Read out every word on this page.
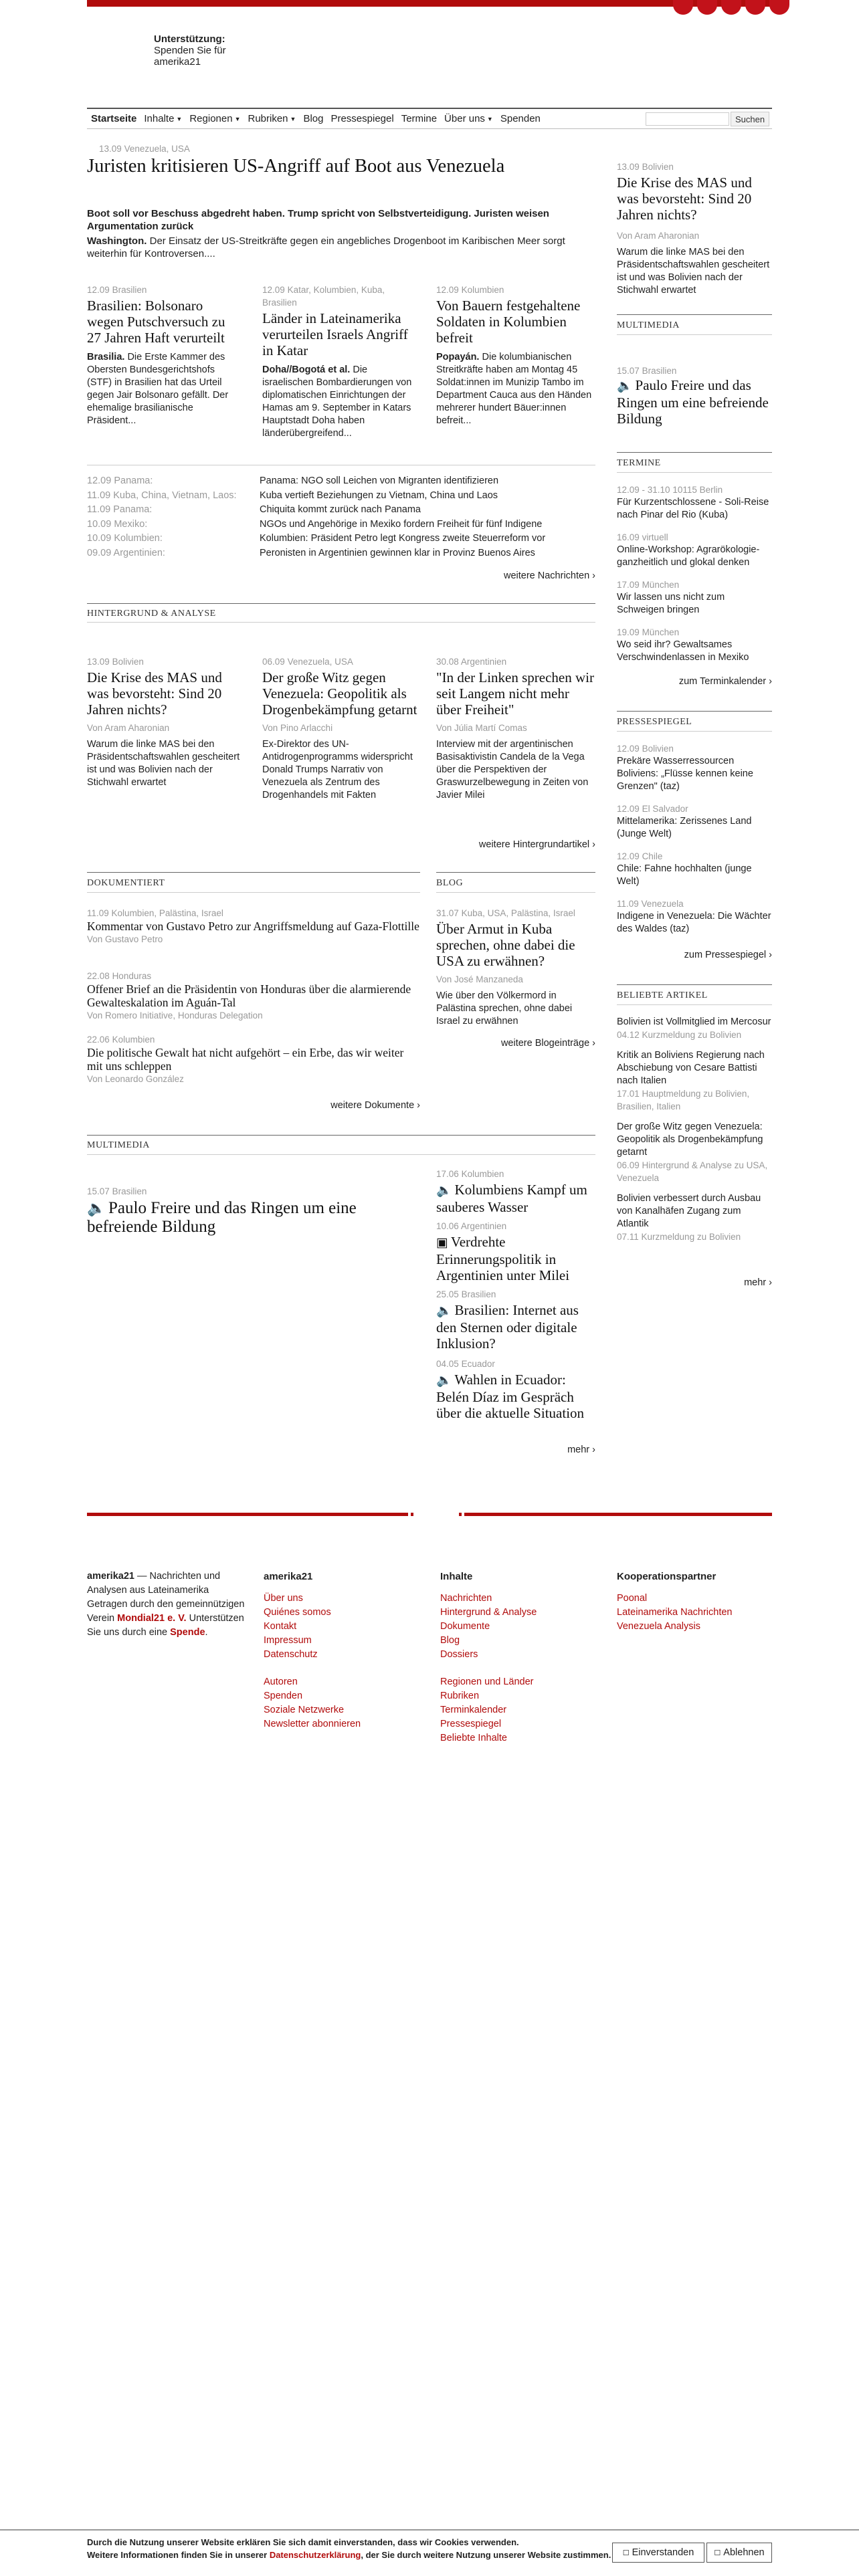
Unterstützung:
Spenden Sie für
amerika21
Startseite Inhalte ▼ Regionen ▼ Rubriken ▼ Blog Pressespiegel Termine Über uns ▼ Spenden	Suchen
13.09 Venezuela, USA
Juristen kritisieren US-Angriff auf Boot aus Venezuela
Boot soll vor Beschuss abgedreht haben. Trump spricht von Selbstverteidigung. Juristen weisen Argumentation zurück
Washington. Der Einsatz der US-Streitkräfte gegen ein angebliches Drogenboot im Karibischen Meer sorgt weiterhin für Kontroversen....
12.09 Brasilien
Brasilien: Bolsonaro wegen Putschversuch zu 27 Jahren Haft verurteilt
Brasilia. Die Erste Kammer des Obersten Bundesgerichtshofs (STF) in Brasilien hat das Urteil gegen Jair Bolsonaro gefällt. Der ehemalige brasilianische Präsident...
12.09 Katar, Kolumbien, Kuba, Brasilien
Länder in Lateinamerika verurteilen Israels Angriff in Katar
Doha//Bogotá et al. Die israelischen Bombardierungen von diplomatischen Einrichtungen der Hamas am 9. September in Katars Hauptstadt Doha haben länderübergreifend...
12.09 Kolumbien
Von Bauern festgehaltene Soldaten in Kolumbien befreit
Popayán. Die kolumbianischen Streitkräfte haben am Montag 45 Soldat:innen im Munizip Tambo im Department Cauca aus den Händen mehrerer hundert Bäuer:innen befreit...
12.09 Panama:	Panama: NGO soll Leichen von Migranten identifizieren
11.09 Kuba, China, Vietnam, Laos:	Kuba vertieft Beziehungen zu Vietnam, China und Laos
11.09 Panama:	Chiquita kommt zurück nach Panama
10.09 Mexiko:	NGOs und Angehörige in Mexiko fordern Freiheit für fünf Indigene
10.09 Kolumbien:	Kolumbien: Präsident Petro legt Kongress zweite Steuerreform vor
09.09 Argentinien:	Peronisten in Argentinien gewinnen klar in Provinz Buenos Aires
weitere Nachrichten ›
HINTERGRUND & ANALYSE
13.09 Bolivien
Die Krise des MAS und was bevorsteht: Sind 20 Jahren nichts?
Von Aram Aharonian
Warum die linke MAS bei den Präsidentschaftswahlen gescheitert ist und was Bolivien nach der Stichwahl erwartet
06.09 Venezuela, USA
Der große Witz gegen Venezuela: Geopolitik als Drogenbekämpfung getarnt
Von Pino Arlacchi
Ex-Direktor des UN-Antidrogenprogramms widerspricht Donald Trumps Narrativ von Venezuela als Zentrum des Drogenhandels mit Fakten
30.08 Argentinien
"In der Linken sprechen wir seit Langem nicht mehr über Freiheit"
Von Júlia Martí Comas
Interview mit der argentinischen Basisaktivistin Candela de la Vega über die Perspektiven der Graswurzelbewegung in Zeiten von Javier Milei
weitere Hintergrundartikel ›
DOKUMENTIERT
11.09 Kolumbien, Palästina, Israel
Kommentar von Gustavo Petro zur Angriffsmeldung auf Gaza-Flottille
Von Gustavo Petro
22.08 Honduras
Offener Brief an die Präsidentin von Honduras über die alarmierende Gewalteskalation im Aguán-Tal
Von Romero Initiative, Honduras Delegation
22.06 Kolumbien
Die politische Gewalt hat nicht aufgehört – ein Erbe, das wir weiter mit uns schleppen
Von Leonardo González
weitere Dokumente ›
BLOG
31.07 Kuba, USA, Palästina, Israel
Über Armut in Kuba sprechen, ohne dabei die USA zu erwähnen?
Von José Manzaneda
Wie über den Völkermord in Palästina sprechen, ohne dabei Israel zu erwähnen
weitere Blogeinträge ›
MULTIMEDIA
15.07 Brasilien
🔈 Paulo Freire und das Ringen um eine befreiende Bildung
17.06 Kolumbien
🔈 Kolumbiens Kampf um sauberes Wasser
10.06 Argentinien
▣ Verdrehte Erinnerungspolitik in Argentinien unter Milei
25.05 Brasilien
🔈 Brasilien: Internet aus den Sternen oder digitale Inklusion?
04.05 Ecuador
🔈 Wahlen in Ecuador: Belén Díaz im Gespräch über die aktuelle Situation
mehr ›
13.09 Bolivien
Die Krise des MAS und was bevorsteht: Sind 20 Jahren nichts?
Von Aram Aharonian
Warum die linke MAS bei den Präsidentschaftswahlen gescheitert ist und was Bolivien nach der Stichwahl erwartet
MULTIMEDIA
15.07 Brasilien
🔈 Paulo Freire und das Ringen um eine befreiende Bildung
TERMINE
12.09 - 31.10 10115 Berlin
Für Kurzentschlossene - Soli-Reise nach Pinar del Rio (Kuba)
16.09 virtuell
Online-Workshop: Agrarökologie-ganzheitlich und glokal denken
17.09 München
Wir lassen uns nicht zum Schweigen bringen
19.09 München
Wo seid ihr? Gewaltsames Verschwindenlassen in Mexiko
zum Terminkalender ›
PRESSESPIEGEL
12.09 Bolivien
Prekäre Wasserressourcen Boliviens: „Flüsse kennen keine Grenzen" (taz)
12.09 El Salvador
Mittelamerika: Zerissenes Land (Junge Welt)
12.09 Chile
Chile: Fahne hochhalten (junge Welt)
11.09 Venezuela
Indigene in Venezuela: Die Wächter des Waldes (taz)
zum Pressespiegel ›
BELIEBTE ARTIKEL
Bolivien ist Vollmitglied im Mercosur
04.12 Kurzmeldung zu Bolivien
Kritik an Boliviens Regierung nach Abschiebung von Cesare Battisti nach Italien
17.01 Hauptmeldung zu Bolivien, Brasilien, Italien
Der große Witz gegen Venezuela: Geopolitik als Drogenbekämpfung getarnt
06.09 Hintergrund & Analyse zu USA, Venezuela
Bolivien verbessert durch Ausbau von Kanalhäfen Zugang zum Atlantik
07.11 Kurzmeldung zu Bolivien
mehr ›
amerika21 — Nachrichten und Analysen aus Lateinamerika Getragen durch den gemeinnützigen Verein Mondial21 e. V. Unterstützen Sie uns durch eine Spende.
amerika21
Über uns
Quiénes somos
Kontakt
Impressum
Datenschutz
Autoren
Spenden
Soziale Netzwerke
Newsletter abonnieren
Inhalte
Nachrichten
Hintergrund & Analyse
Dokumente
Blog
Dossiers
Regionen und Länder
Rubriken
Terminkalender
Pressespiegel
Beliebte Inhalte
Kooperationspartner
Poonal
Lateinamerika Nachrichten
Venezuela Analysis
Durch die Nutzung unserer Website erklären Sie sich damit einverstanden, dass wir Cookies verwenden.
Weitere Informationen finden Sie in unserer Datenschutzerklärung, der Sie durch weitere Nutzung unserer Website zustimmen.	☐ Einverstanden	☐ Ablehnen
